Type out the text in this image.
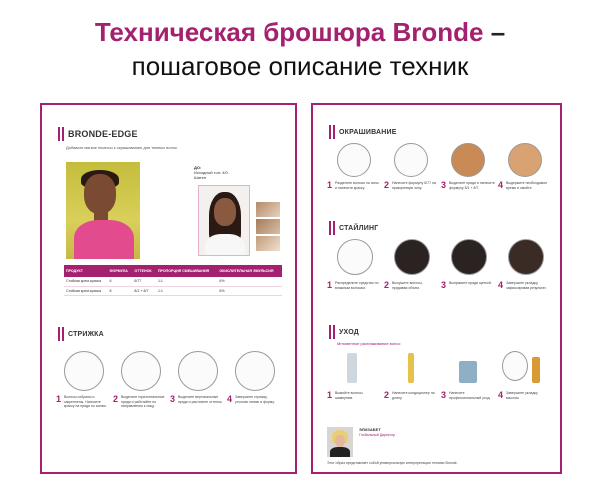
Техническая брошюра Bronde –
пошаговое описание техник
BRONDE-EDGE
Добавьте мягкие нюансы к окрашиванию для темных волос.
ДО:
Исходный тон: 4/0
Шатен
ПРОДУКТ	ФОРМУЛА	ОТТЕНОК	ПРОПОРЦИЯ СМЕШИВАНИЯ	ОКИСЛИТЕЛЬНАЯ ЭМУЛЬСИЯ
Стойкая крем-краска	6	6/77	1:1	6%
Стойкая крем-краска	8	8/1 + 8/7	1:1	6%
СТРИЖКА
1 Волосы собраны и закреплены. Наносите краску на пряди по зонам.
2 Выделите горизонтальные пряди и работайте по направлению к лицу.
3 Выделите вертикальные пряди и растяните оттенок. 4 Завершите стрижку, уточнив линию и форму.
ОКРАШИВАНИЕ
1 Разделите волосы на зоны и нанесите краску.	2 Нанесите формулу 6/77 на прикорневую зону.	3 Выделите пряди и нанесите формулу 8/1 + 8/7.	4 Выдержите необходимое время и смойте.
СТАЙЛИНГ
1 Распределите средство по влажным волосам.	2 Высушите волосы, придавая объем.	3 Выпрямите пряди щеткой. 4 Завершите укладку, зафиксировав результат.
УХОД
Мгновенное разглаживание волос
1 Вымойте волосы шампунем.	2 Нанесите кондиционер на длину.	3 Нанесите профессиональный уход. 4 Завершите укладку маслом.
ЭЛИЗАБЕТ
Глобальный Директор
Этот образ представляет собой универсальную интерпретацию техники Bronde.
